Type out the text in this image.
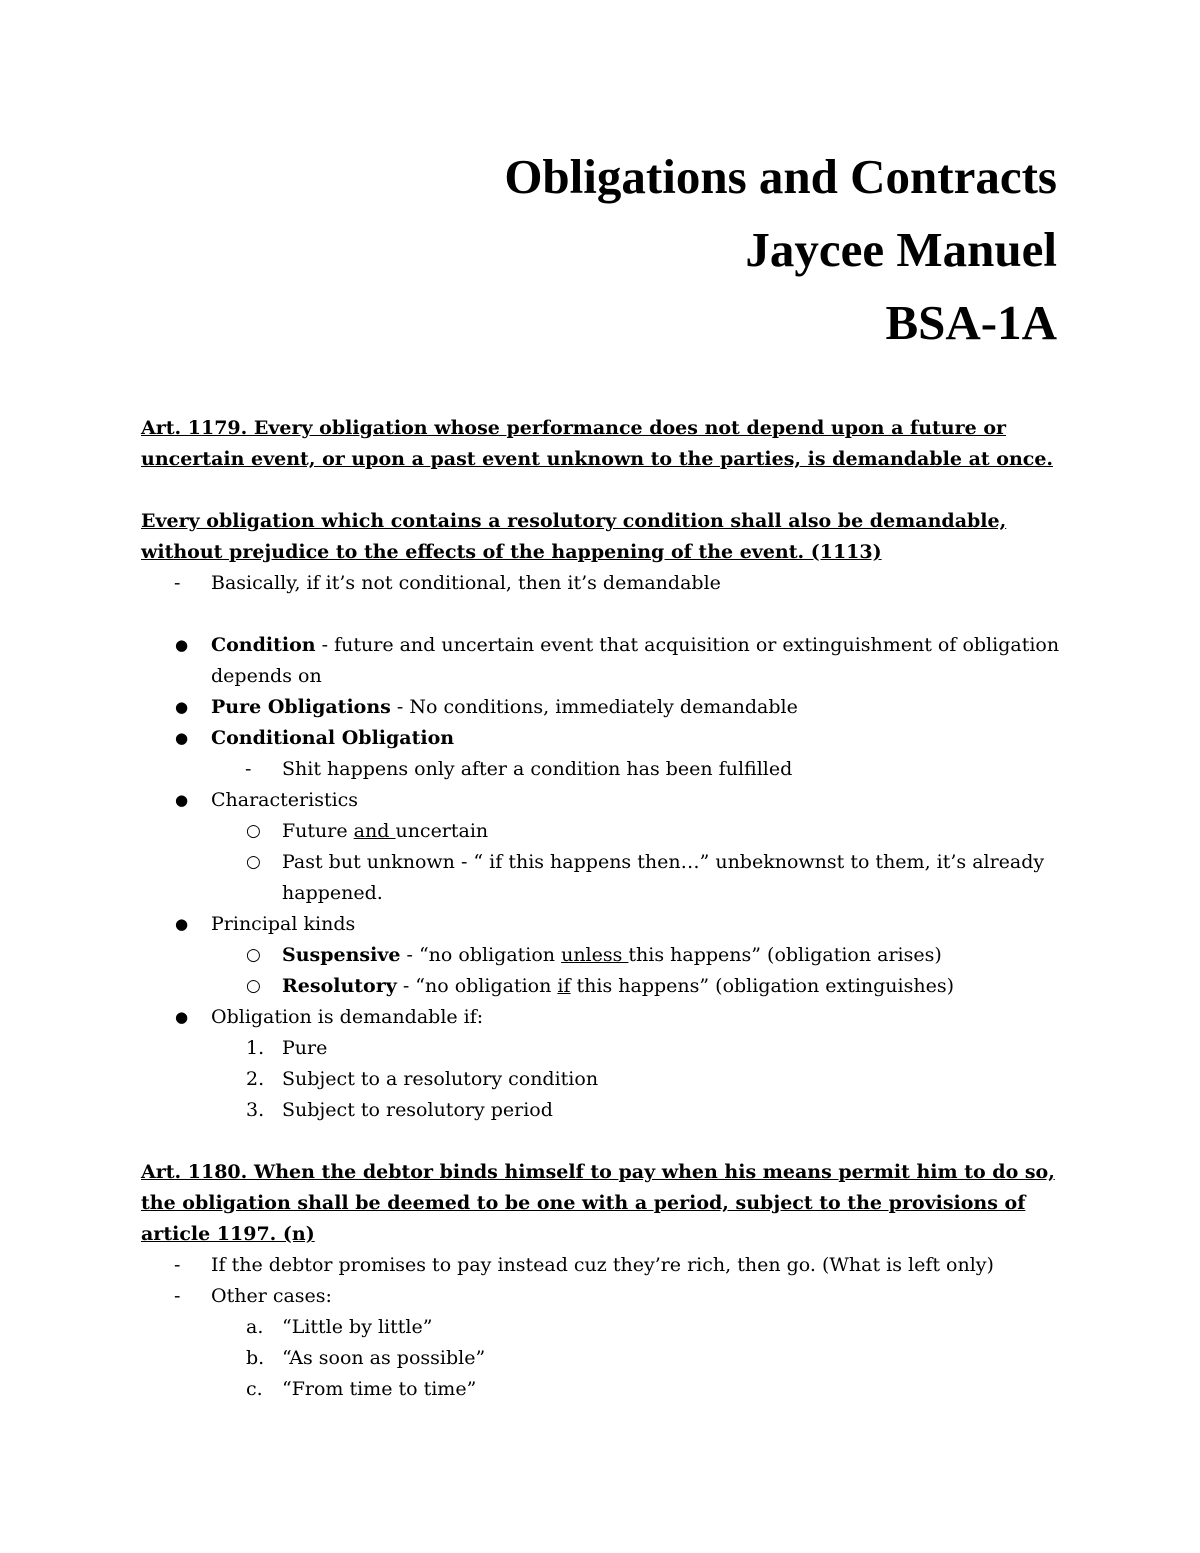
Obligations and Contracts
Jaycee Manuel
BSA-1A

Art. 1179. Every obligation whose performance does not depend upon a future or uncertain event, or upon a past event unknown to the parties, is demandable at once.

Every obligation which contains a resolutory condition shall also be demandable, without prejudice to the effects of the happening of the event. (1113)

- Basically, if it’s not conditional, then it’s demandable
● Condition - future and uncertain event that acquisition or extinguishment of obligation depends on
● Pure Obligations - No conditions, immediately demandable
● Conditional Obligation
- Shit happens only after a condition has been fulfilled
● Characteristics
○ Future and uncertain
○ Past but unknown - “ if this happens then…” unbeknownst to them, it’s already happened.
● Principal kinds
○ Suspensive - “no obligation unless this happens” (obligation arises)
○ Resolutory - “no obligation if this happens” (obligation extinguishes)
● Obligation is demandable if:
1. Pure
2. Subject to a resolutory condition
3. Subject to resolutory period

Art. 1180. When the debtor binds himself to pay when his means permit him to do so, the obligation shall be deemed to be one with a period, subject to the provisions of article 1197. (n)

- If the debtor promises to pay instead cuz they’re rich, then go. (What is left only)
- Other cases:
a. “Little by little”
b. “As soon as possible”
c. “From time to time”
